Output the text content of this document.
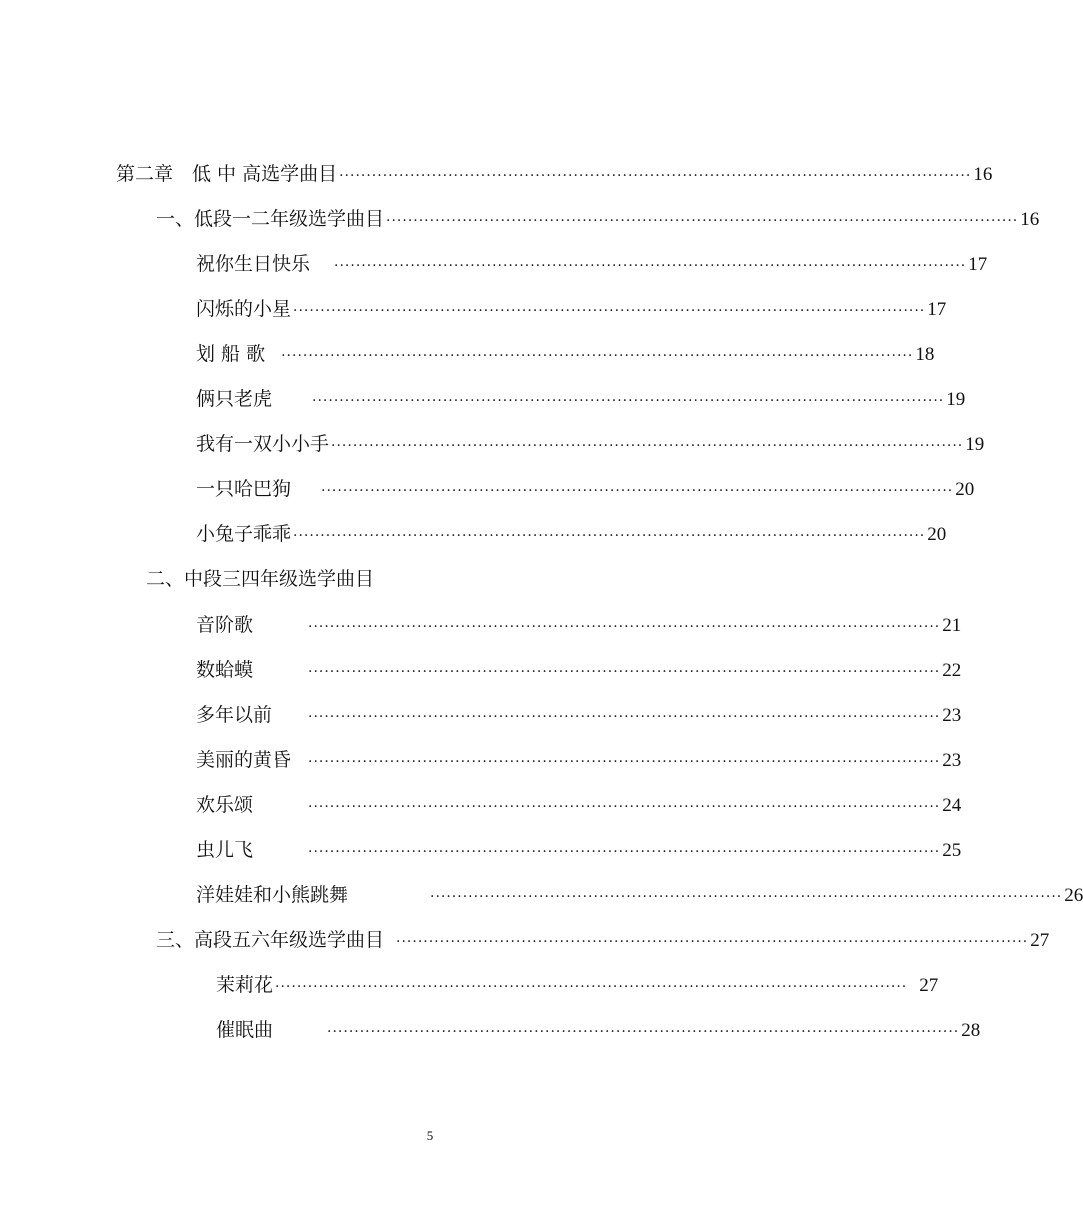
第二章　低 中 高选学曲目 ···················································································································· 16
一、低段一二年级选学曲目 ···················································································································· 16
祝你生日快乐 ···················································································································· 17
闪烁的小星 ···················································································································· 17
划 船 歌 ···················································································································· 18
俩只老虎	···················································································································· 19
我有一双小小手 ···················································································································· 19
一只哈巴狗 ···················································································································· 20
小兔子乖乖 ···················································································································· 20
二、中段三四年级选学曲目
音阶歌	···················································································································· 21
数蛤蟆	···················································································································· 22
多年以前	···················································································································· 23
美丽的黄昏	···················································································································· 23
欢乐颂	···················································································································· 24
虫儿飞	···················································································································· 25
洋娃娃和小熊跳舞	···················································································································· 26
三、高段五六年级选学曲目 ···················································································································· 27
茉莉花 ···················································································································· 27
催眠曲	···················································································································· 28
5
